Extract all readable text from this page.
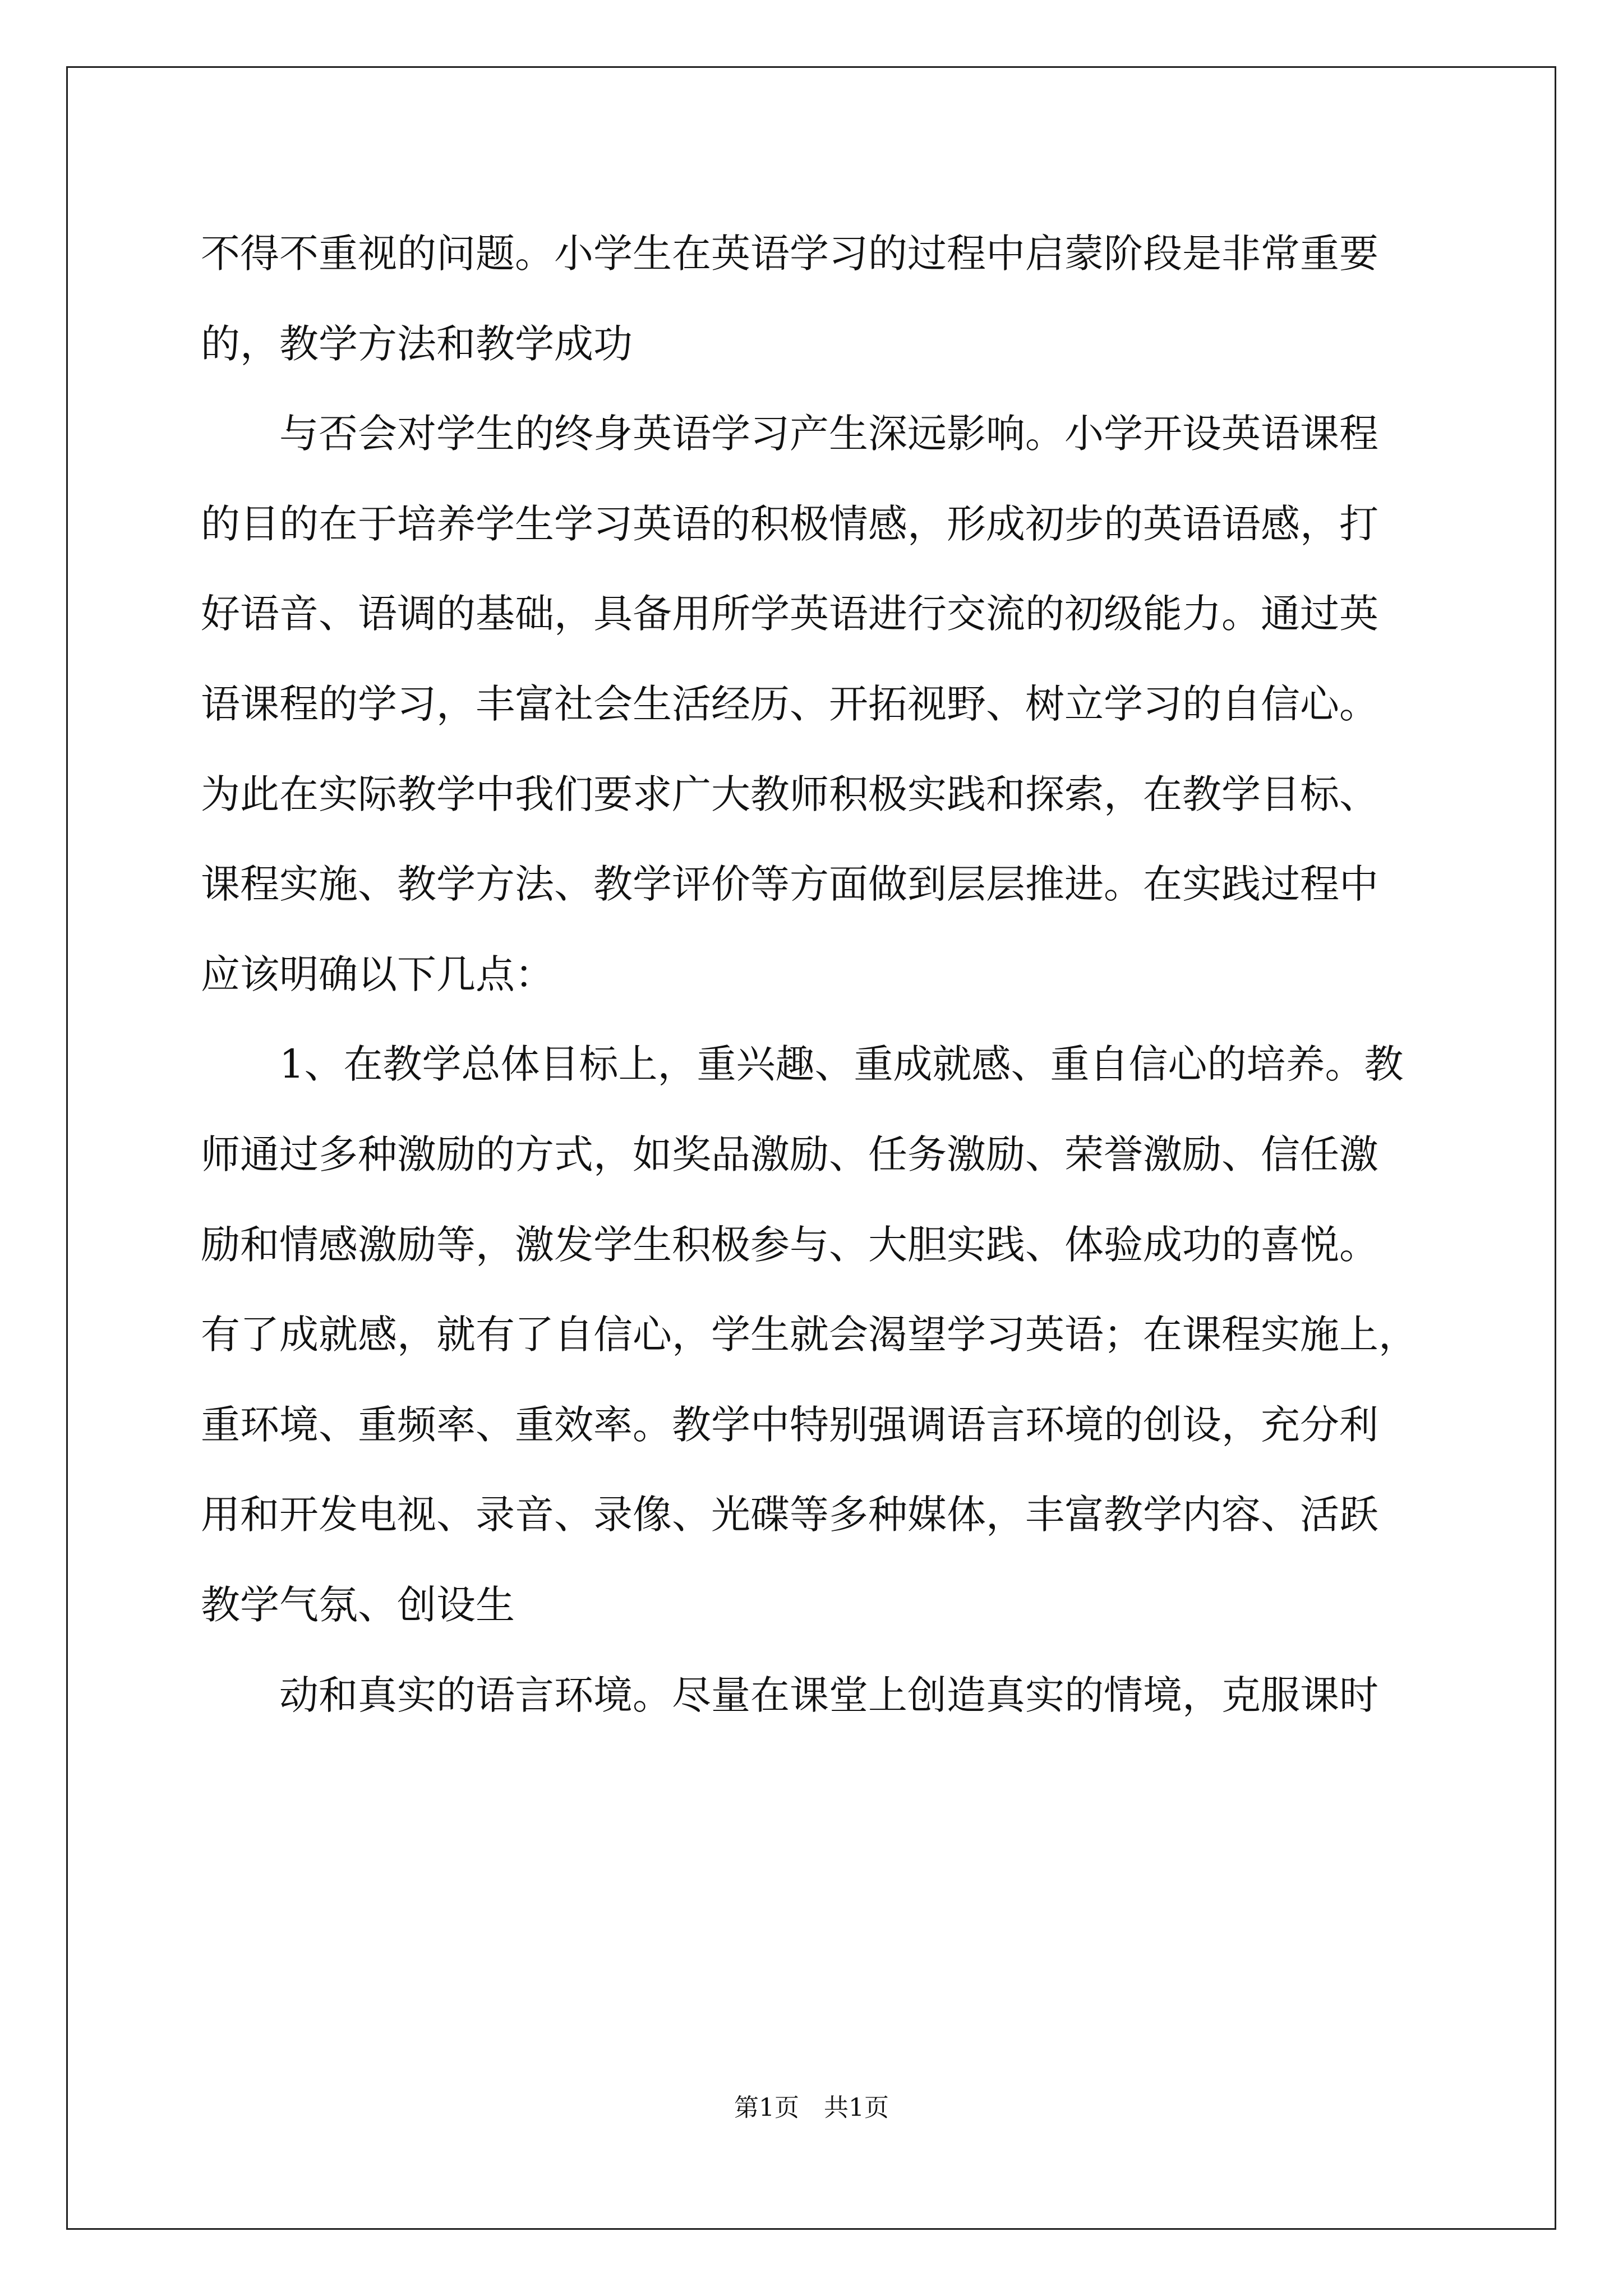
不得不重视的问题。小学生在英语学习的过程中启蒙阶段是非常重要
的，教学方法和教学成功

与否会对学生的终身英语学习产生深远影响。小学开设英语课程
的目的在于培养学生学习英语的积极情感，形成初步的英语语感，打
好语音、语调的基础，具备用所学英语进行交流的初级能力。通过英
语课程的学习，丰富社会生活经历、开拓视野、树立学习的自信心。
为此在实际教学中我们要求广大教师积极实践和探索，在教学目标、
课程实施、教学方法、教学评价等方面做到层层推进。在实践过程中
应该明确以下几点：

1、在教学总体目标上，重兴趣、重成就感、重自信心的培养。教
师通过多种激励的方式，如奖品激励、任务激励、荣誉激励、信任激
励和情感激励等，激发学生积极参与、大胆实践、体验成功的喜悦。
有了成就感，就有了自信心，学生就会渴望学习英语；在课程实施上，
重环境、重频率、重效率。教学中特别强调语言环境的创设，充分利
用和开发电视、录音、录像、光碟等多种媒体，丰富教学内容、活跃
教学气氛、创设生

动和真实的语言环境。尽量在课堂上创造真实的情境，克服课时

第1页　共1页
